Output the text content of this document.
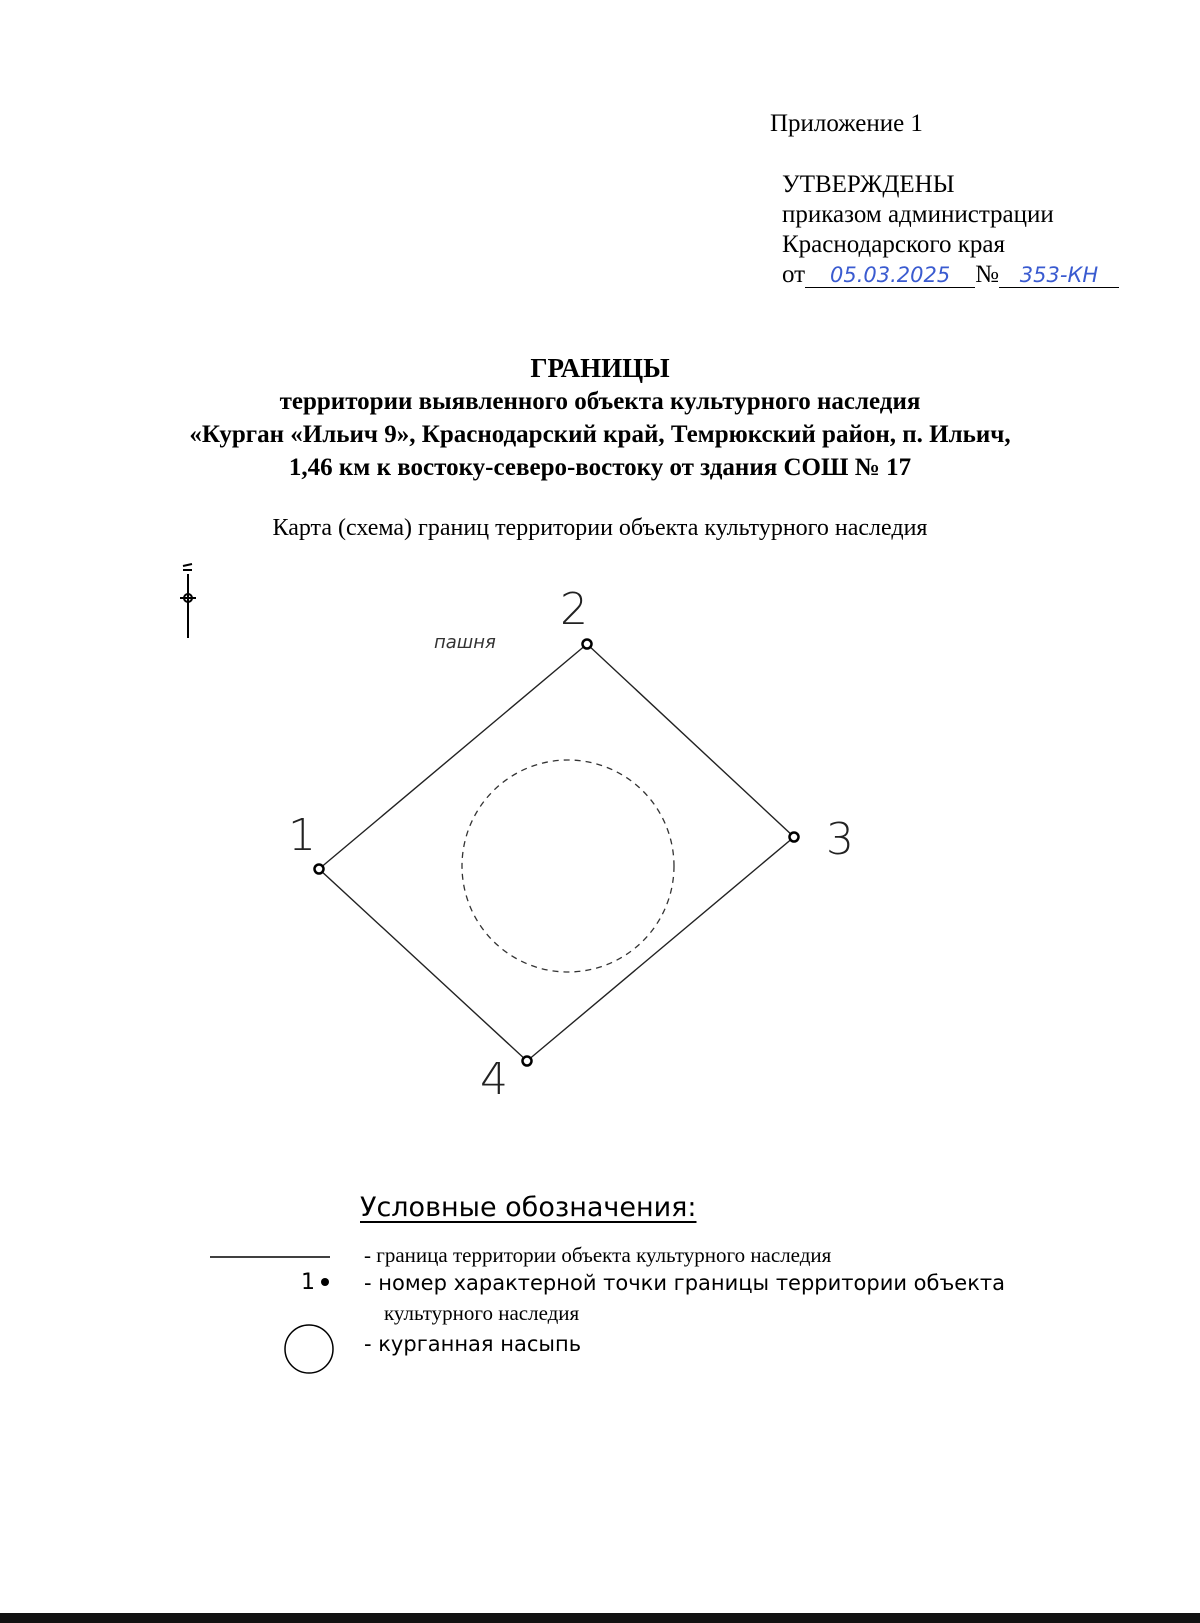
Приложение 1
УТВЕРЖДЕНЫ
приказом администрации
Краснодарского края
от 05.03.2025 № 353-КН
ГРАНИЦЫ
территории выявленного объекта культурного наследия
«Курган «Ильич 9», Краснодарский край, Темрюкский район, п. Ильич,
1,46 км к востоку-северо-востоку от здания СОШ № 17
Карта (схема) границ территории объекта культурного наследия
1
2
3
4
пашня
Условные обозначения:
1
- граница территории объекта культурного наследия
- номер характерной точки границы территории объекта
культурного наследия
- курганная насыпь
